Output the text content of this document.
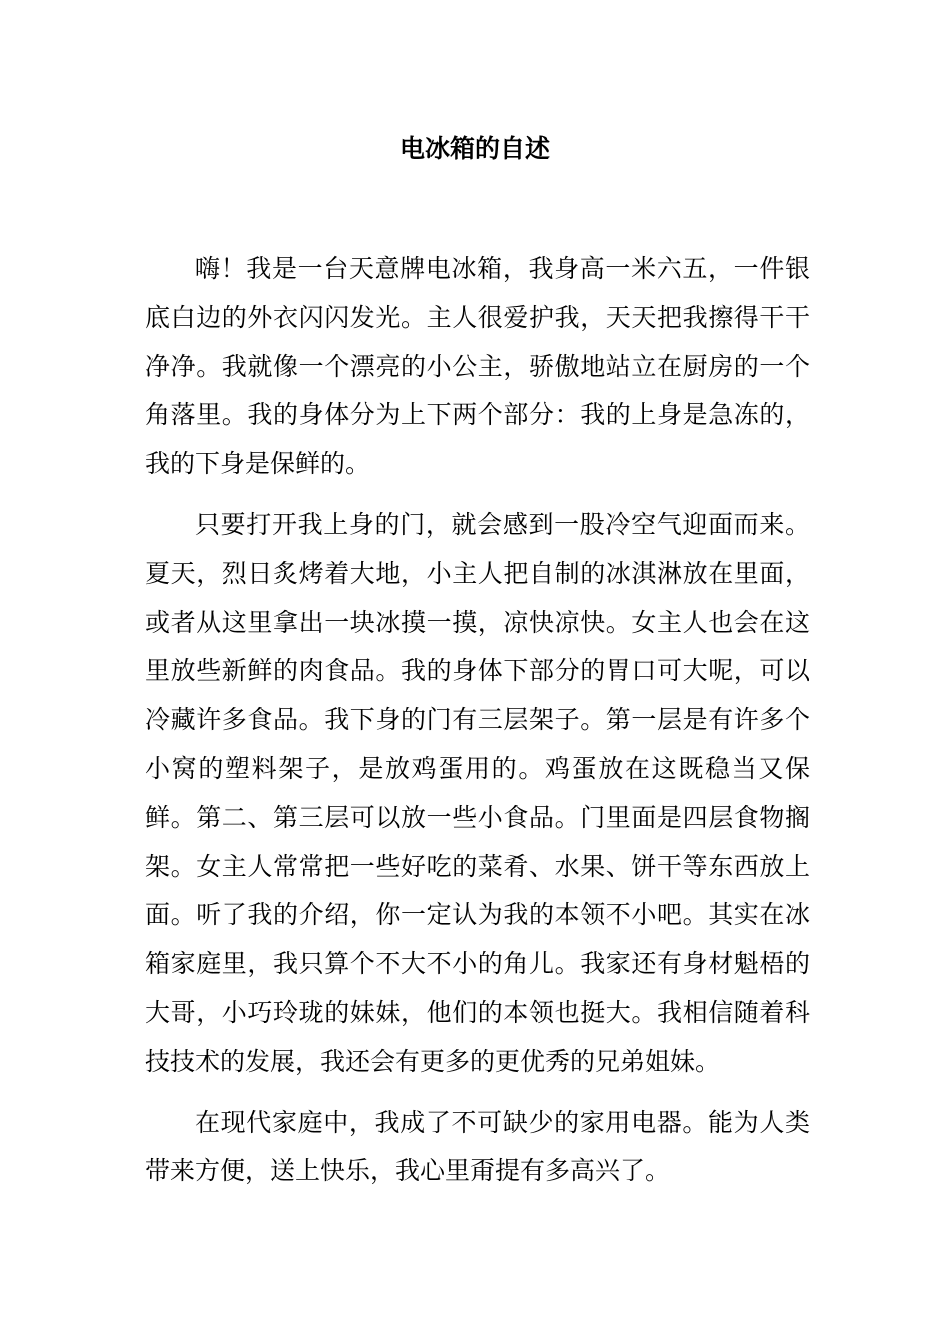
电冰箱的自述

嗨！我是一台天意牌电冰箱，我身高一米六五，一件银底白边的外衣闪闪发光。主人很爱护我，天天把我擦得干干净净。我就像一个漂亮的小公主，骄傲地站立在厨房的一个角落里。我的身体分为上下两个部分：我的上身是急冻的，我的下身是保鲜的。

只要打开我上身的门，就会感到一股冷空气迎面而来。夏天，烈日炙烤着大地，小主人把自制的冰淇淋放在里面，或者从这里拿出一块冰摸一摸，凉快凉快。女主人也会在这里放些新鲜的肉食品。我的身体下部分的胃口可大呢，可以冷藏许多食品。我下身的门有三层架子。第一层是有许多个小窝的塑料架子，是放鸡蛋用的。鸡蛋放在这既稳当又保鲜。第二、第三层可以放一些小食品。门里面是四层食物搁架。女主人常常把一些好吃的菜肴、水果、饼干等东西放上面。听了我的介绍，你一定认为我的本领不小吧。其实在冰箱家庭里，我只算个不大不小的角儿。我家还有身材魁梧的大哥，小巧玲珑的妹妹，他们的本领也挺大。我相信随着科技技术的发展，我还会有更多的更优秀的兄弟姐妹。

在现代家庭中，我成了不可缺少的家用电器。能为人类带来方便，送上快乐，我心里甭提有多高兴了。
